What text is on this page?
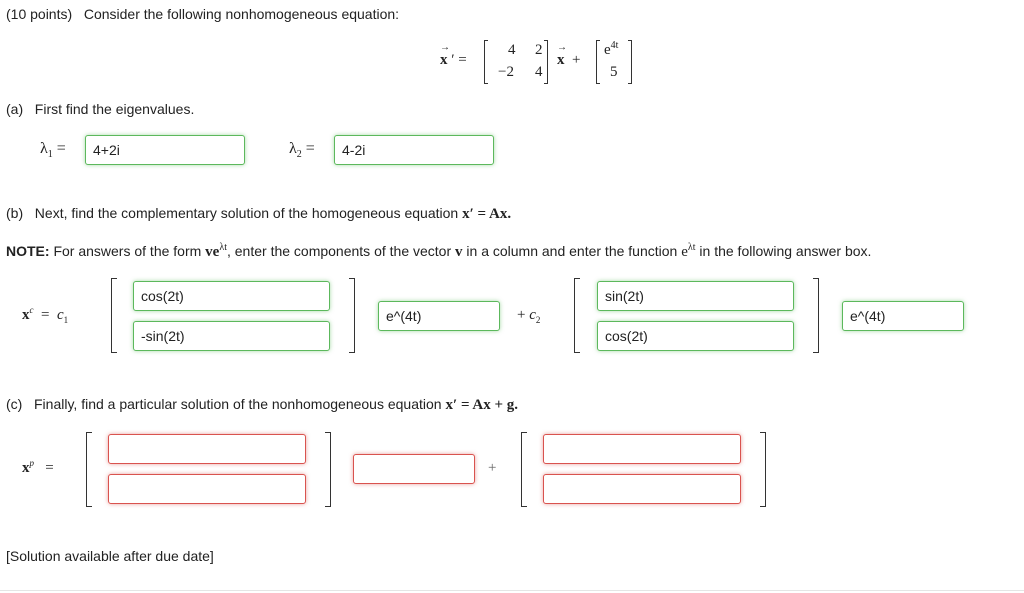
(10 points) Consider the following nonhomogeneous equation:
→ x ′ =
4 2
−2 4
→ x +
$e^{4t}$
5
(a) First find the eigenvalues.
$\lambda_1$ =	4+2i	$\lambda_2$ =	4-2i
(b) Next, find the complementary solution of the homogeneous equation x′ = Ax.
NOTE: For answers of the form $ve^{\lambda t}$, enter the components of the vector v in a column and enter the function $e^{\lambda t}$ in the following answer box.
$x^c = c_1$
cos(2t)
-sin(2t)
e^(4t)	+ $c_2$
sin(2t)
cos(2t)
e^(4t)
(c) Finally, find a particular solution of the nonhomogeneous equation x′ = Ax + g.
$x^p$ =	+
[Solution available after due date]
